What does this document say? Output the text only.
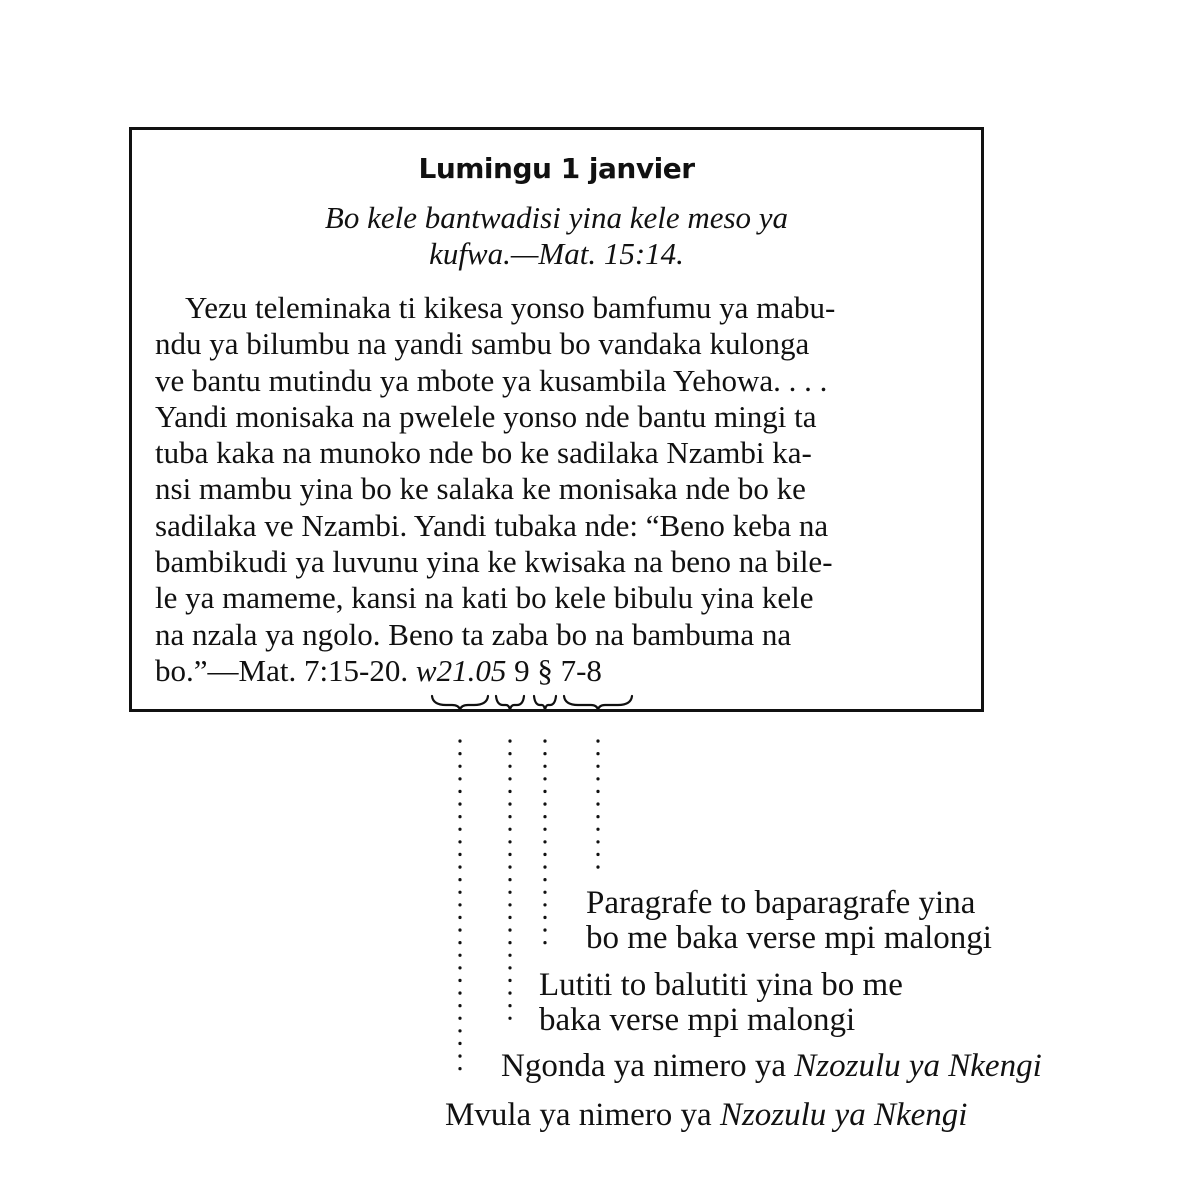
Lumingu 1 janvier
Bo kele bantwadisi yina kele meso ya
kufwa.—Mat. 15:14.
Yezu teleminaka ti kikesa yonso bamfumu ya mabu-
ndu ya bilumbu na yandi sambu bo vandaka kulonga
ve bantu mutindu ya mbote ya kusambila Yehowa. . . .
Yandi monisaka na pwelele yonso nde bantu mingi ta
tuba kaka na munoko nde bo ke sadilaka Nzambi ka-
nsi mambu yina bo ke salaka ke monisaka nde bo ke
sadilaka ve Nzambi. Yandi tubaka nde: “Beno keba na
bambikudi ya luvunu yina ke kwisaka na beno na bile-
le ya mameme, kansi na kati bo kele bibulu yina kele
na nzala ya ngolo. Beno ta zaba bo na bambuma na
bo.”—Mat. 7:15-20. w21.05 9 § 7-8
Paragrafe to baparagrafe yina
bo me baka verse mpi malongi
Lutiti to balutiti yina bo me
baka verse mpi malongi
Ngonda ya nimero ya Nzozulu ya Nkengi
Mvula ya nimero ya Nzozulu ya Nkengi
